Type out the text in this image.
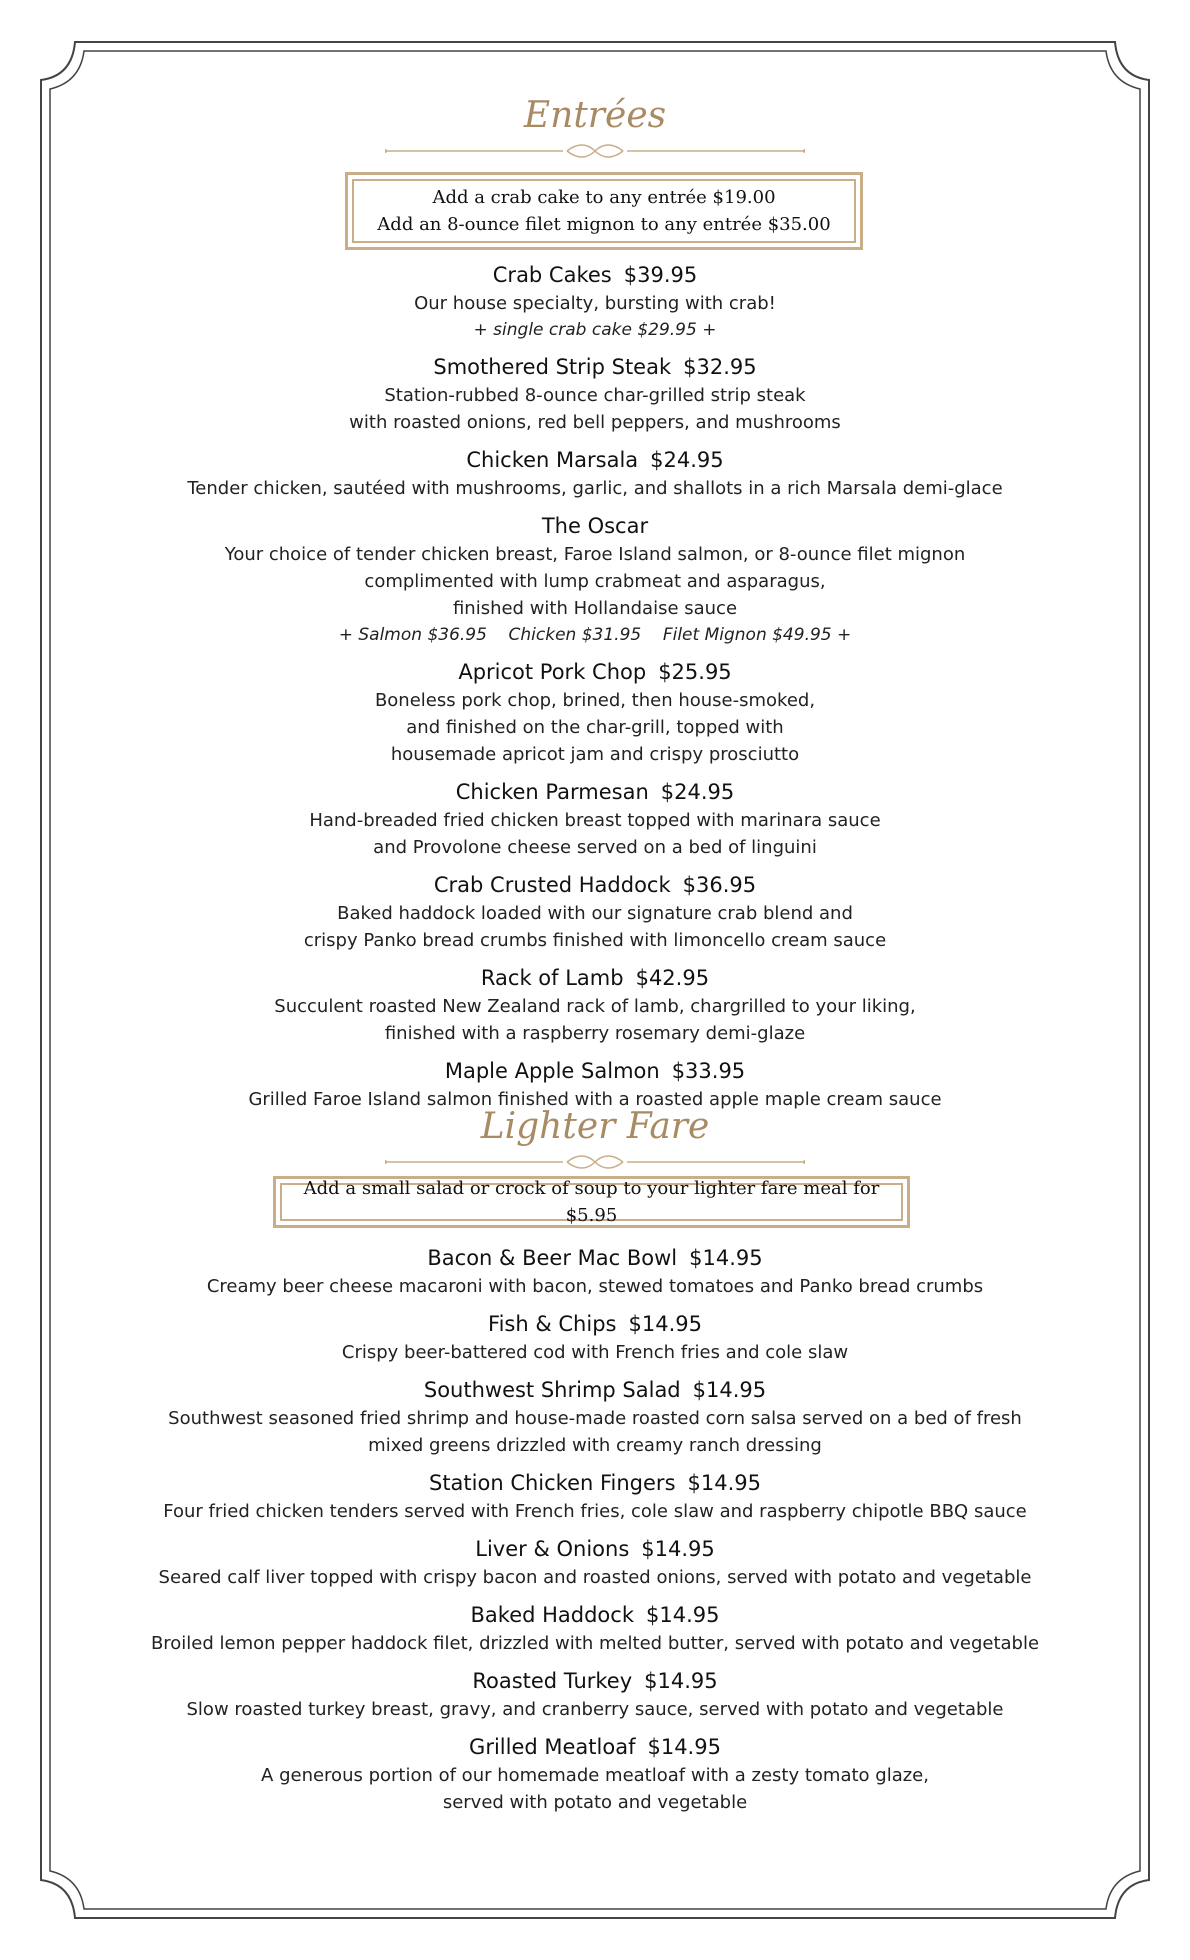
Entrées
Add a crab cake to any entrée $19.00
Add an 8-ounce filet mignon to any entrée $35.00

Crab Cakes $39.95

Our house specialty, bursting with crab!

+ single crab cake $29.95 +

Smothered Strip Steak $32.95

Station-rubbed 8-ounce char-grilled strip steak

with roasted onions, red bell peppers, and mushrooms

Chicken Marsala $24.95

Tender chicken, sautéed with mushrooms, garlic, and shallots in a rich Marsala demi-glace

The Oscar

Your choice of tender chicken breast, Faroe Island salmon, or 8-ounce filet mignon

complimented with lump crabmeat and asparagus,

finished with Hollandaise sauce

+ Salmon $36.95    Chicken $31.95    Filet Mignon $49.95 +

Apricot Pork Chop $25.95

Boneless pork chop, brined, then house-smoked,

and finished on the char-grill, topped with

housemade apricot jam and crispy prosciutto

Chicken Parmesan $24.95

Hand-breaded fried chicken breast topped with marinara sauce

and Provolone cheese served on a bed of linguini

Crab Crusted Haddock $36.95

Baked haddock loaded with our signature crab blend and

crispy Panko bread crumbs finished with limoncello cream sauce

Rack of Lamb $42.95

Succulent roasted New Zealand rack of lamb, chargrilled to your liking,

finished with a raspberry rosemary demi-glaze

Maple Apple Salmon $33.95

Grilled Faroe Island salmon finished with a roasted apple maple cream sauce

Lighter Fare
Add a small salad or crock of soup to your lighter fare meal for $5.95

Bacon & Beer Mac Bowl $14.95

Creamy beer cheese macaroni with bacon, stewed tomatoes and Panko bread crumbs

Fish & Chips $14.95

Crispy beer-battered cod with French fries and cole slaw

Southwest Shrimp Salad $14.95

Southwest seasoned fried shrimp and house-made roasted corn salsa served on a bed of fresh

mixed greens drizzled with creamy ranch dressing

Station Chicken Fingers $14.95

Four fried chicken tenders served with French fries, cole slaw and raspberry chipotle BBQ sauce

Liver & Onions $14.95

Seared calf liver topped with crispy bacon and roasted onions, served with potato and vegetable

Baked Haddock $14.95

Broiled lemon pepper haddock filet, drizzled with melted butter, served with potato and vegetable

Roasted Turkey $14.95

Slow roasted turkey breast, gravy, and cranberry sauce, served with potato and vegetable

Grilled Meatloaf $14.95

A generous portion of our homemade meatloaf with a zesty tomato glaze,

served with potato and vegetable
